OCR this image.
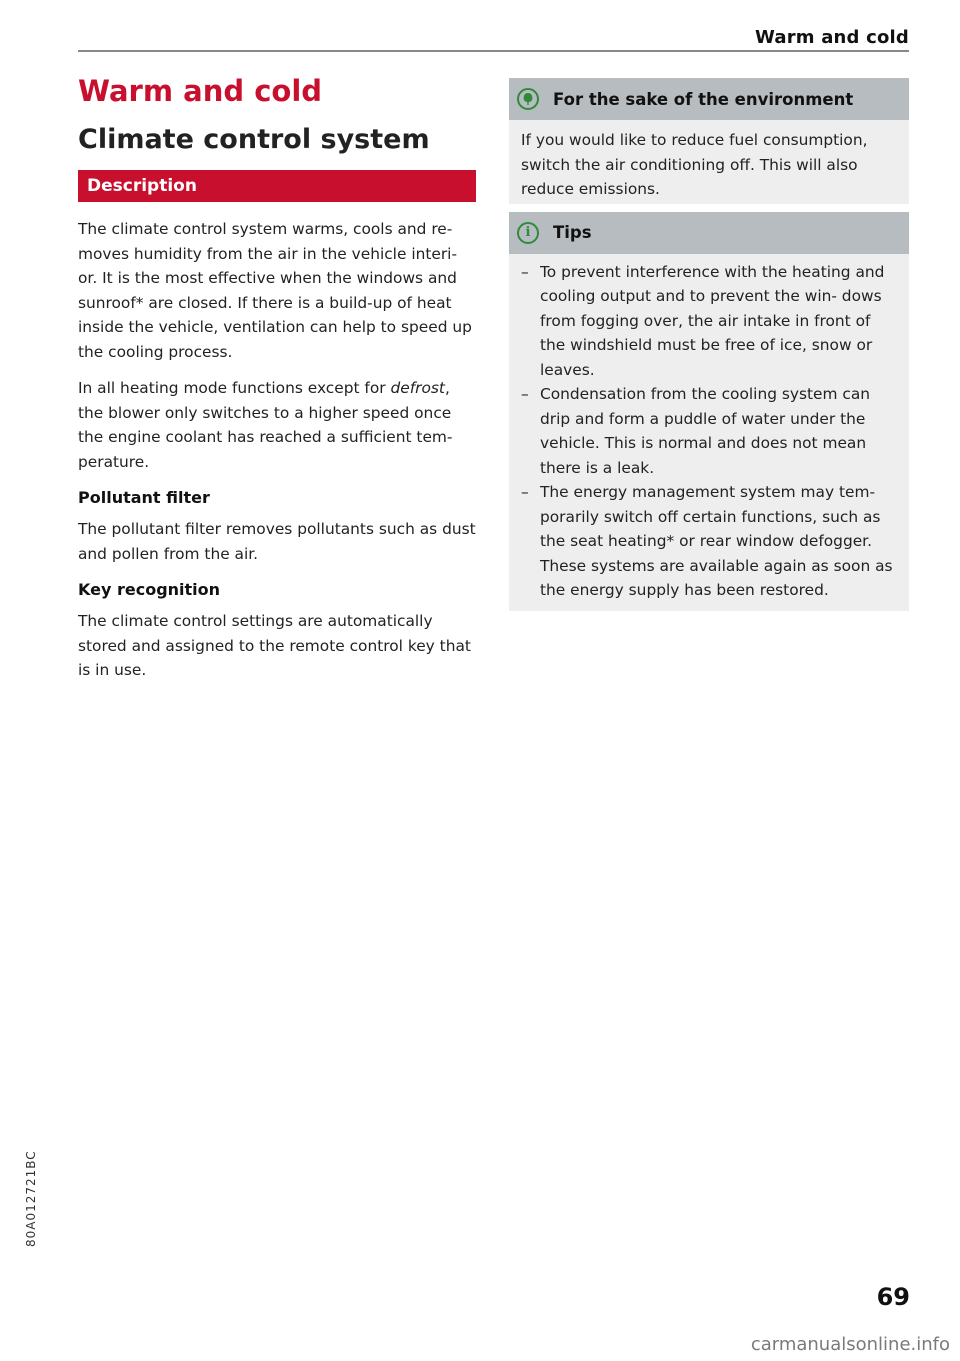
Warm and cold
Warm and cold
Climate control system
Description

The climate control system warms, cools and re- moves humidity from the air in the vehicle interi- or. It is the most effective when the windows and sunroof* are closed. If there is a build-up of heat inside the vehicle, ventilation can help to speed up the cooling process.

In all heating mode functions except for defrost, the blower only switches to a higher speed once the engine coolant has reached a sufficient tem- perature.

Pollutant filter

The pollutant filter removes pollutants such as dust and pollen from the air.

Key recognition

The climate control settings are automatically stored and assigned to the remote control key that is in use.

For the sake of the environment
If you would like to reduce fuel consumption, switch the air conditioning off. This will also reduce emissions.
i	Tips
– To prevent interference with the heating and cooling output and to prevent the win- dows from fogging over, the air intake in front of the windshield must be free of ice, snow or leaves.
– Condensation from the cooling system can drip and form a puddle of water under the vehicle. This is normal and does not mean there is a leak.
– The energy management system may tem- porarily switch off certain functions, such as the seat heating* or rear window defogger. These systems are available again as soon as the energy supply has been restored.
80A012721BC
69
carmanualsonline.info
